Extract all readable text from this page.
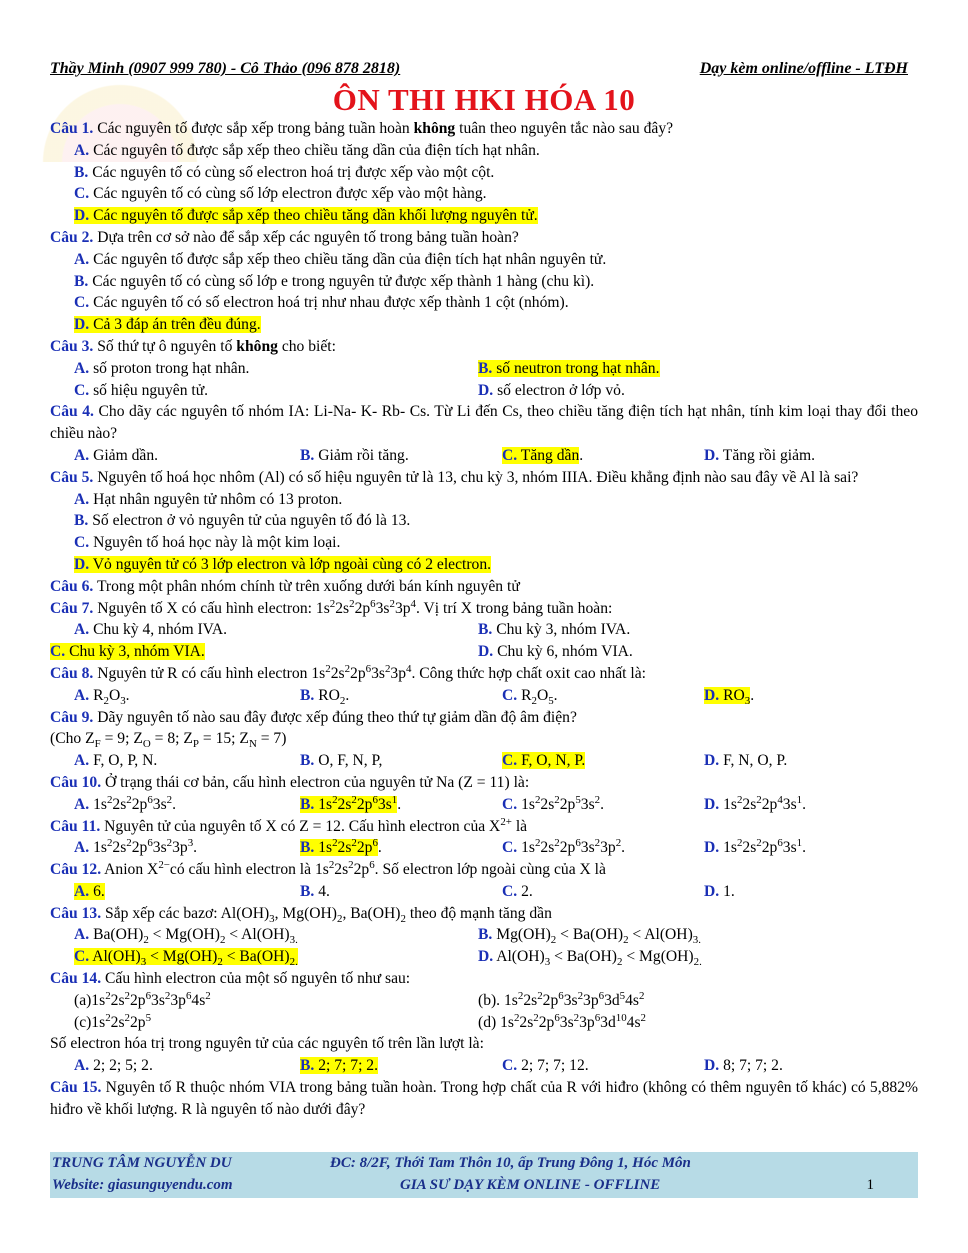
Thầy Minh (0907 999 780) - Cô Thảo (096 878 2818)	Dạy kèm online/offline - LTĐH
ÔN THI HKI HÓA 10

Câu 1. Các nguyên tố được sắp xếp trong bảng tuần hoàn không tuân theo nguyên tắc nào sau đây?

A. Các nguyên tố được sắp xếp theo chiều tăng dần của điện tích hạt nhân.

B. Các nguyên tố có cùng số electron hoá trị được xếp vào một cột.

C. Các nguyên tố có cùng số lớp electron được xếp vào một hàng.

D. Các nguyên tố được sắp xếp theo chiều tăng dần khối lượng nguyên tử.

Câu 2. Dựa trên cơ sở nào để sắp xếp các nguyên tố trong bảng tuần hoàn?

A. Các nguyên tố được sắp xếp theo chiều tăng dần của điện tích hạt nhân nguyên tử.

B. Các nguyên tố có cùng số lớp e trong nguyên tử được xếp thành 1 hàng (chu kì).

C. Các nguyên tố có số electron hoá trị như nhau được xếp thành 1 cột (nhóm).

D. Cả 3 đáp án trên đều đúng.

Câu 3. Số thứ tự ô nguyên tố không cho biết:

A. số proton trong hạt nhân.	B. số neutron trong hạt nhân.
C. số hiệu nguyên tử.	D. số electron ở lớp vỏ.

Câu 4. Cho dãy các nguyên tố nhóm IA: Li-Na- K- Rb- Cs. Từ Li đến Cs, theo chiều tăng điện tích hạt nhân, tính kim loại thay đổi theo chiều nào?

A. Giảm dần.	B. Giảm rồi tăng.	C. Tăng dần.	D. Tăng rồi giảm.

Câu 5. Nguyên tố hoá học nhôm (Al) có số hiệu nguyên tử là 13, chu kỳ 3, nhóm IIIA. Điều khẳng định nào sau đây về Al là sai?

A. Hạt nhân nguyên tử nhôm có 13 proton.

B. Số electron ở vỏ nguyên tử của nguyên tố đó là 13.

C. Nguyên tố hoá học này là một kim loại.

D. Vỏ nguyên tử có 3 lớp electron và lớp ngoài cùng có 2 electron.

Câu 6. Trong một phân nhóm chính từ trên xuống dưới bán kính nguyên tử

Câu 7. Nguyên tố X có cấu hình electron: $1s^22s^22p^63s^23p^4$. Vị trí X trong bảng tuần hoàn:

A. Chu kỳ 4, nhóm IVA.	B. Chu kỳ 3, nhóm IVA.
C. Chu kỳ 3, nhóm VIA.	D. Chu kỳ 6, nhóm VIA.

Câu 8. Nguyên tử R có cấu hình electron $1s^22s^22p^63s^23p^4$. Công thức hợp chất oxit cao nhất là:

A. $R_2O_3$.	B. $RO_2$.	C. $R_2O_5$.	D. $RO_3$.

Câu 9. Dãy nguyên tố nào sau đây được xếp đúng theo thứ tự giảm dần độ âm điện?

(Cho $Z_F = 9$; $Z_O = 8$; $Z_P = 15$; $Z_N = 7$)

A. F, O, P, N.	B. O, F, N, P,	C. F, O, N, P.	D. F, N, O, P.

Câu 10. Ở trạng thái cơ bản, cấu hình electron của nguyên tử Na (Z = 11) là:

A. $1s^22s^22p^63s^2$.	B. $1s^22s^22p^63s^1$.	C. $1s^22s^22p^53s^2$.	D. $1s^22s^22p^43s^1$.

Câu 11. Nguyên tử của nguyên tố X có Z = 12. Cấu hình electron của $X^{2+}$ là

A. $1s^22s^22p^63s^23p^3$.	B. $1s^22s^22p^6$.	C. $1s^22s^22p^63s^23p^2$.	D. $1s^22s^22p^63s^1$.

Câu 12. Anion $X^{2-}có$ cấu hình electron là $1s^22s^22p^6$. Số electron lớp ngoài cùng của X là

A. 6.	B. 4.	C. 2.	D. 1.

Câu 13. Sắp xếp các bazơ: $Al(OH)_3$, $Mg(OH)_2$, $Ba(OH)_2$ theo độ mạnh tăng dần

A. $Ba(OH)_2 < Mg(OH)_2 < Al(OH)_{3.}$	B. $Mg(OH)_2 < Ba(OH)_2 < Al(OH)_{3.}$
C. $Al(OH)_3 < Mg(OH)_2 < Ba(OH)_{2.}$	D. $Al(OH)_3 < Ba(OH)_2 < Mg(OH)_{2.}$

Câu 14. Cấu hình electron của một số nguyên tố như sau:

$(a)1s^22s^22p^63s^23p^64s^2$	(b). $1s^22s^22p^63s^23p^63d^54s^2$
$(c)1s^22s^22p^5$	(d) $1s^22s^22p^63s^23p^63d^{10}4s^2$

Số electron hóa trị trong nguyên tử của các nguyên tố trên lần lượt là:

A. 2; 2; 5; 2.	B. 2; 7; 7; 2.	C. 2; 7; 7; 12.	D. 8; 7; 7; 2.

Câu 15. Nguyên tố R thuộc nhóm VIA trong bảng tuần hoàn. Trong hợp chất của R với hiđro (không có thêm nguyên tố khác) có 5,882% hiđro về khối lượng. R là nguyên tố nào dưới đây?

TRUNG TÂM NGUYỄN DU	ĐC: 8/2F, Thới Tam Thôn 10, ấp Trung Đông 1, Hóc Môn
Website: giasunguyendu.com	GIA SƯ DẠY KÈM ONLINE - OFFLINE	1
